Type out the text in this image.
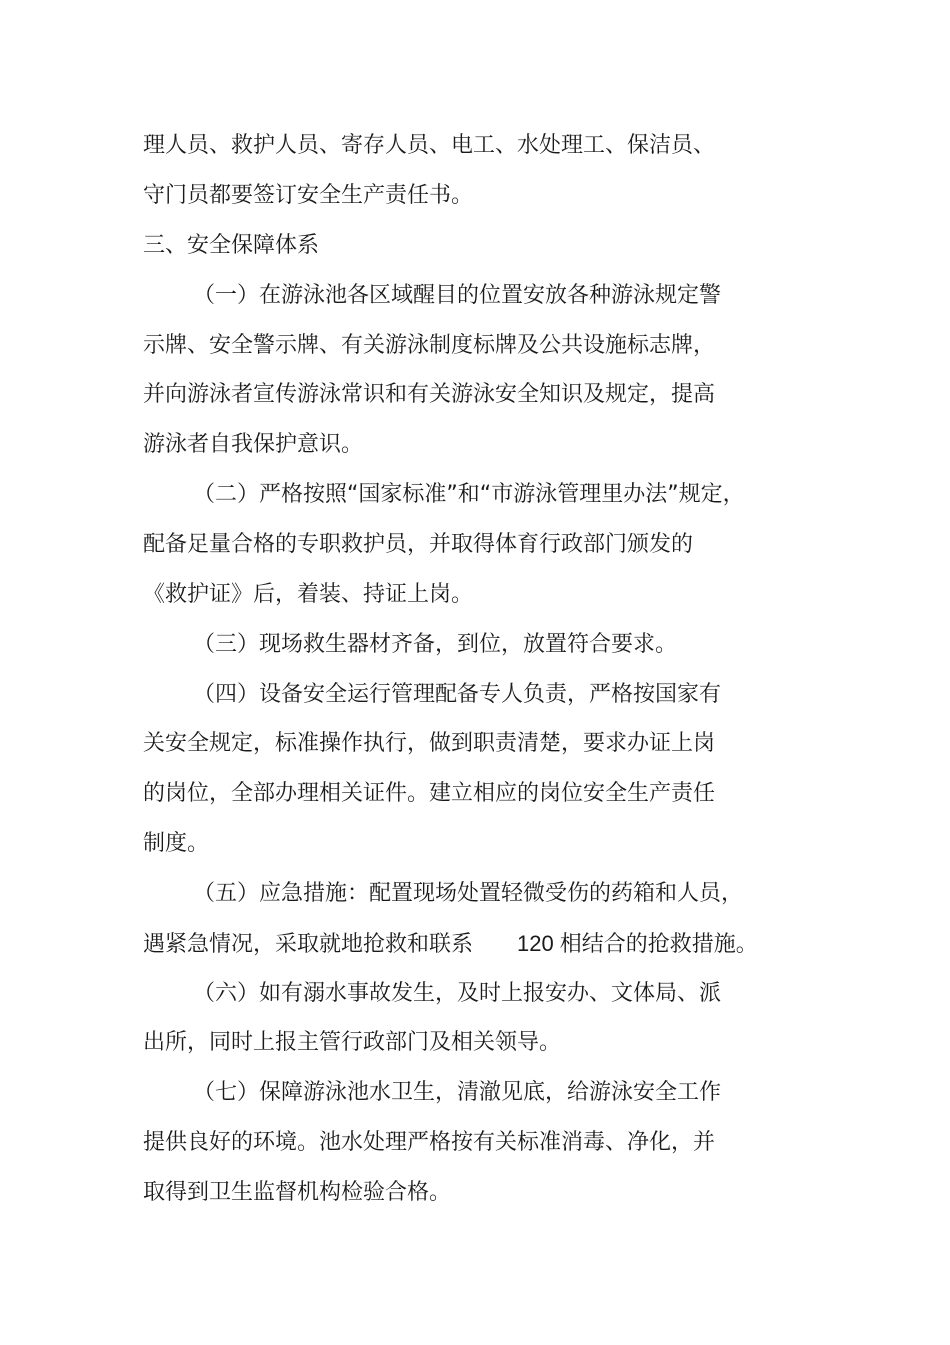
理人员、救护人员、寄存人员、电工、水处理工、保洁员、
守门员都要签订安全生产责任书。
三、安全保障体系
（一）在游泳池各区域醒目的位置安放各种游泳规定警
示牌、安全警示牌、有关游泳制度标牌及公共设施标志牌，
并向游泳者宣传游泳常识和有关游泳安全知识及规定，提高
游泳者自我保护意识。
（二）严格按照“国家标准”和“市游泳管理里办法”规定，
配备足量合格的专职救护员，并取得体育行政部门颁发的
《救护证》后，着装、持证上岗。
（三）现场救生器材齐备，到位，放置符合要求。
（四）设备安全运行管理配备专人负责，严格按国家有
关安全规定，标准操作执行，做到职责清楚，要求办证上岗
的岗位，全部办理相关证件。建立相应的岗位安全生产责任
制度。
（五）应急措施：配置现场处置轻微受伤的药箱和人员，
遇紧急情况，采取就地抢救和联系 120 相结合的抢救措施。
（六）如有溺水事故发生，及时上报安办、文体局、派
出所，同时上报主管行政部门及相关领导。
（七）保障游泳池水卫生，清澈见底，给游泳安全工作
提供良好的环境。池水处理严格按有关标准消毒、净化，并
取得到卫生监督机构检验合格。
